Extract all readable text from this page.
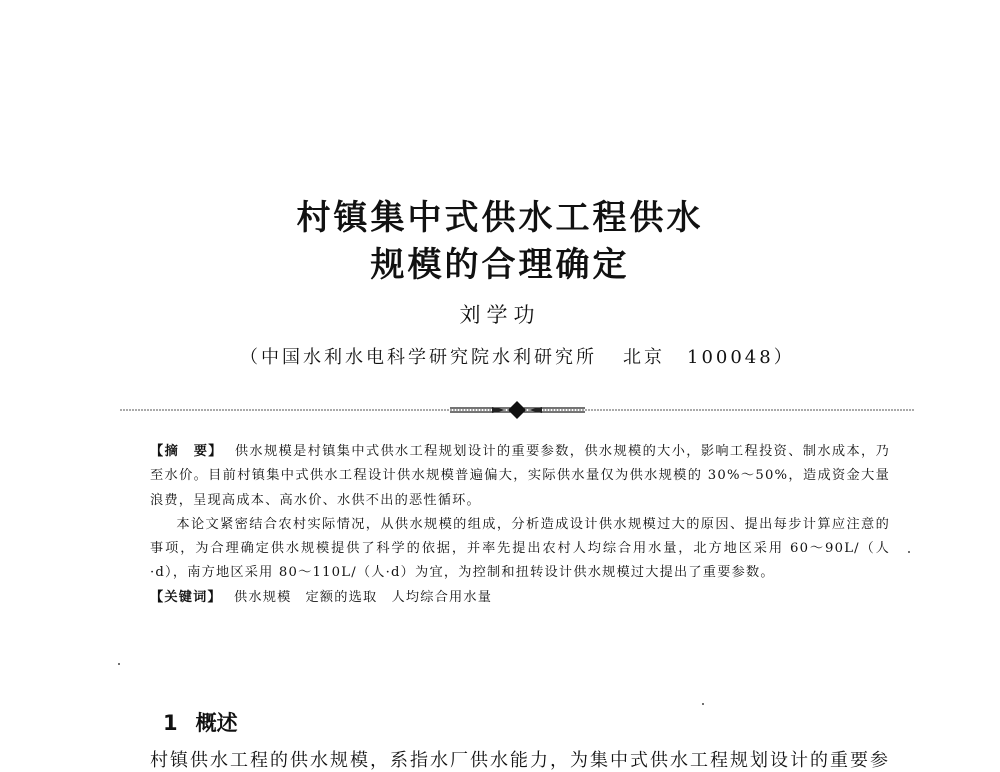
村镇集中式供水工程供水
规模的合理确定
刘学功
（中国水利水电科学研究院水利研究所 北京 100048）

【摘　要】 供水规模是村镇集中式供水工程规划设计的重要参数，供水规模的大小，影响工程投资、制水成本，乃至水价。目前村镇集中式供水工程设计供水规模普遍偏大，实际供水量仅为供水规模的 30%～50%，造成资金大量浪费，呈现高成本、高水价、水供不出的恶性循环。

本论文紧密结合农村实际情况，从供水规模的组成，分析造成设计供水规模过大的原因、提出每步计算应注意的事项，为合理确定供水规模提供了科学的依据，并率先提出农村人均综合用水量，北方地区采用 60～90L/（人·d），南方地区采用 80～110L/（人·d）为宜，为控制和扭转设计供水规模过大提出了重要参数。

【关键词】 供水规模 定额的选取 人均综合用水量

1 概述
村镇供水工程的供水规模，系指水厂供水能力，为集中式供水工程规划设计的重要参
